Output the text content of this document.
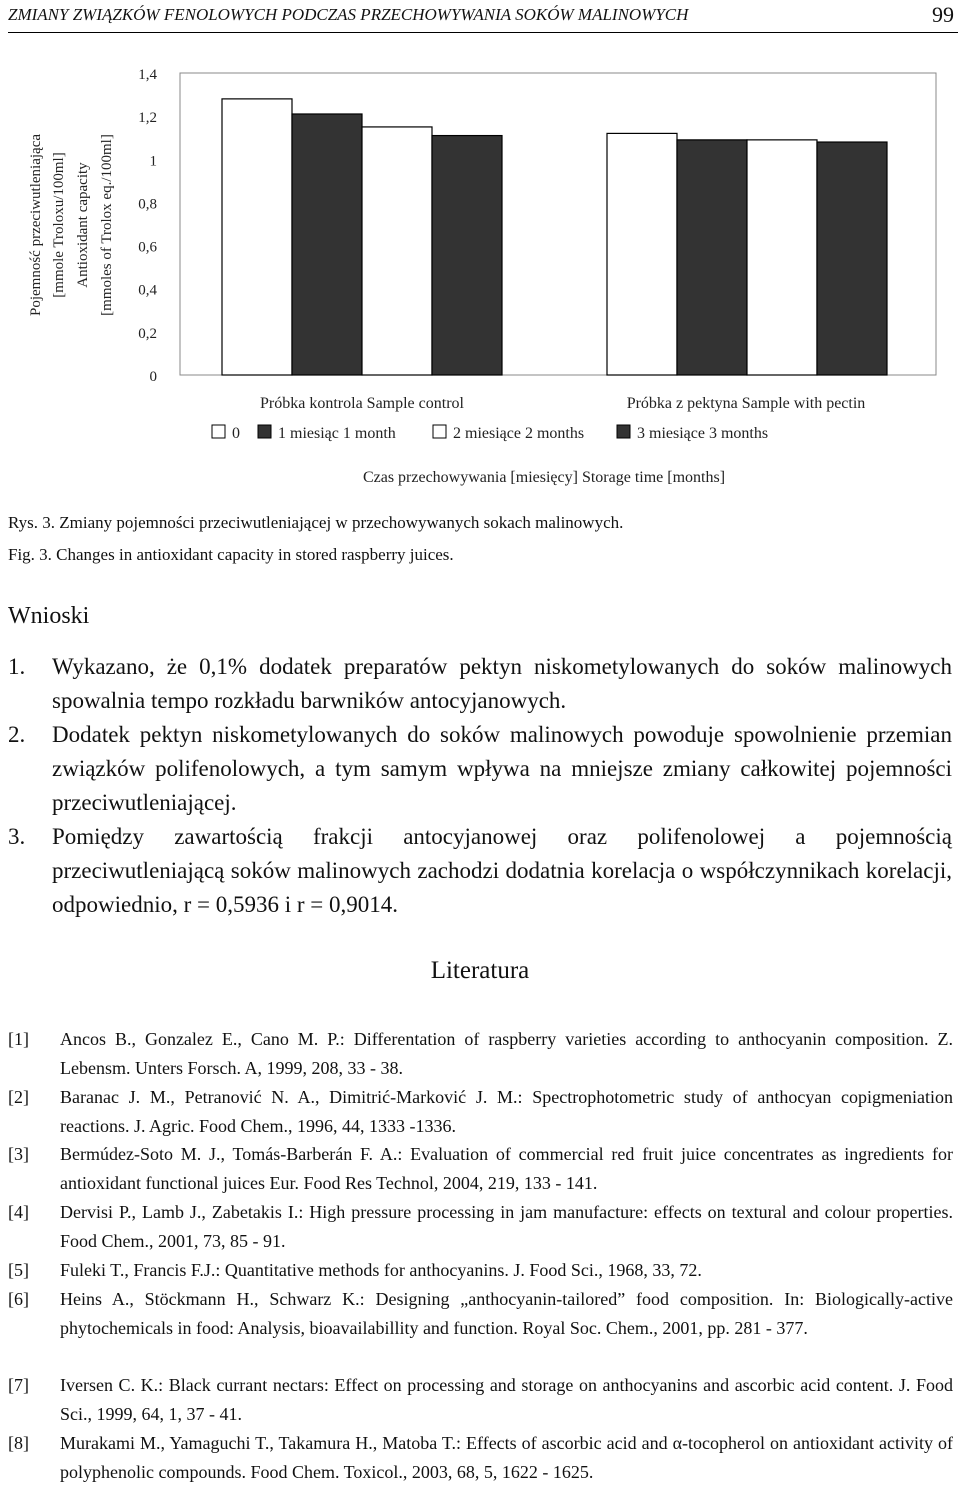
ZMIANY ZWIĄZKÓW FENOLOWYCH PODCZAS PRZECHOWYWANIA SOKÓW MALINOWYCH	99
Pojemność przeciwutleniająca [mmole Troloxu/100ml] Antioxidant capacity [mmoles of Trolox eq./100ml]
0
0,2
0,4
0,6
0,8
1
1,2
1,4
Próbka kontrola Sample control	Próbka z pektyna Sample with pectin
0 1 miesiąc 1 month	2 miesiące 2 months	3 miesiące 3 months
Czas przechowywania [miesięcy] Storage time [months]
Rys. 3. Zmiany pojemności przeciwutleniającej w przechowywanych sokach malinowych.
Fig. 3. Changes in antioxidant capacity in stored raspberry juices.
Wnioski
1. Wykazano, że 0,1% dodatek preparatów pektyn niskometylowanych do soków malinowych spowalnia tempo rozkładu barwników antocyjanowych.
2. Dodatek pektyn niskometylowanych do soków malinowych powoduje spowolnienie przemian związków polifenolowych, a tym samym wpływa na mniejsze zmiany całkowitej pojemności przeciwutleniającej.
3. Pomiędzy zawartością frakcji antocyjanowej oraz polifenolowej a pojemnością przeciwutleniającą soków malinowych zachodzi dodatnia korelacja o współczynnikach korelacji, odpowiednio, r = 0,5936 i r = 0,9014.
Literatura
[1] Ancos B., Gonzalez E., Cano M. P.: Differentation of raspberry varieties according to anthocyanin composition. Z. Lebensm. Unters Forsch. A, 1999, 208, 33 - 38.
[2] Baranac J. M., Petranović N. A., Dimitrić-Marković J. M.: Spectrophotometric study of anthocyan copigmeniation reactions. J. Agric. Food Chem., 1996, 44, 1333 -1336.
[3] Bermúdez-Soto M. J., Tomás-Barberán F. A.: Evaluation of commercial red fruit juice concentrates as ingredients for antioxidant functional juices Eur. Food Res Technol, 2004, 219, 133 - 141.
[4] Dervisi P., Lamb J., Zabetakis I.: High pressure processing in jam manufacture: effects on textural and colour properties. Food Chem., 2001, 73, 85 - 91.
[5] Fuleki T., Francis F.J.: Quantitative methods for anthocyanins. J. Food Sci., 1968, 33, 72.
[6] Heins A., Stöckmann H., Schwarz K.: Designing „anthocyanin-tailored” food composition. In: Biologically-active phytochemicals in food: Analysis, bioavailabillity and function. Royal Soc. Chem., 2001, pp. 281 - 377.
[7] Iversen C. K.: Black currant nectars: Effect on processing and storage on anthocyanins and ascorbic acid content. J. Food Sci., 1999, 64, 1, 37 - 41.
[8] Murakami M., Yamaguchi T., Takamura H., Matoba T.: Effects of ascorbic acid and α-tocopherol on antioxidant activity of polyphenolic compounds. Food Chem. Toxicol., 2003, 68, 5, 1622 - 1625.
